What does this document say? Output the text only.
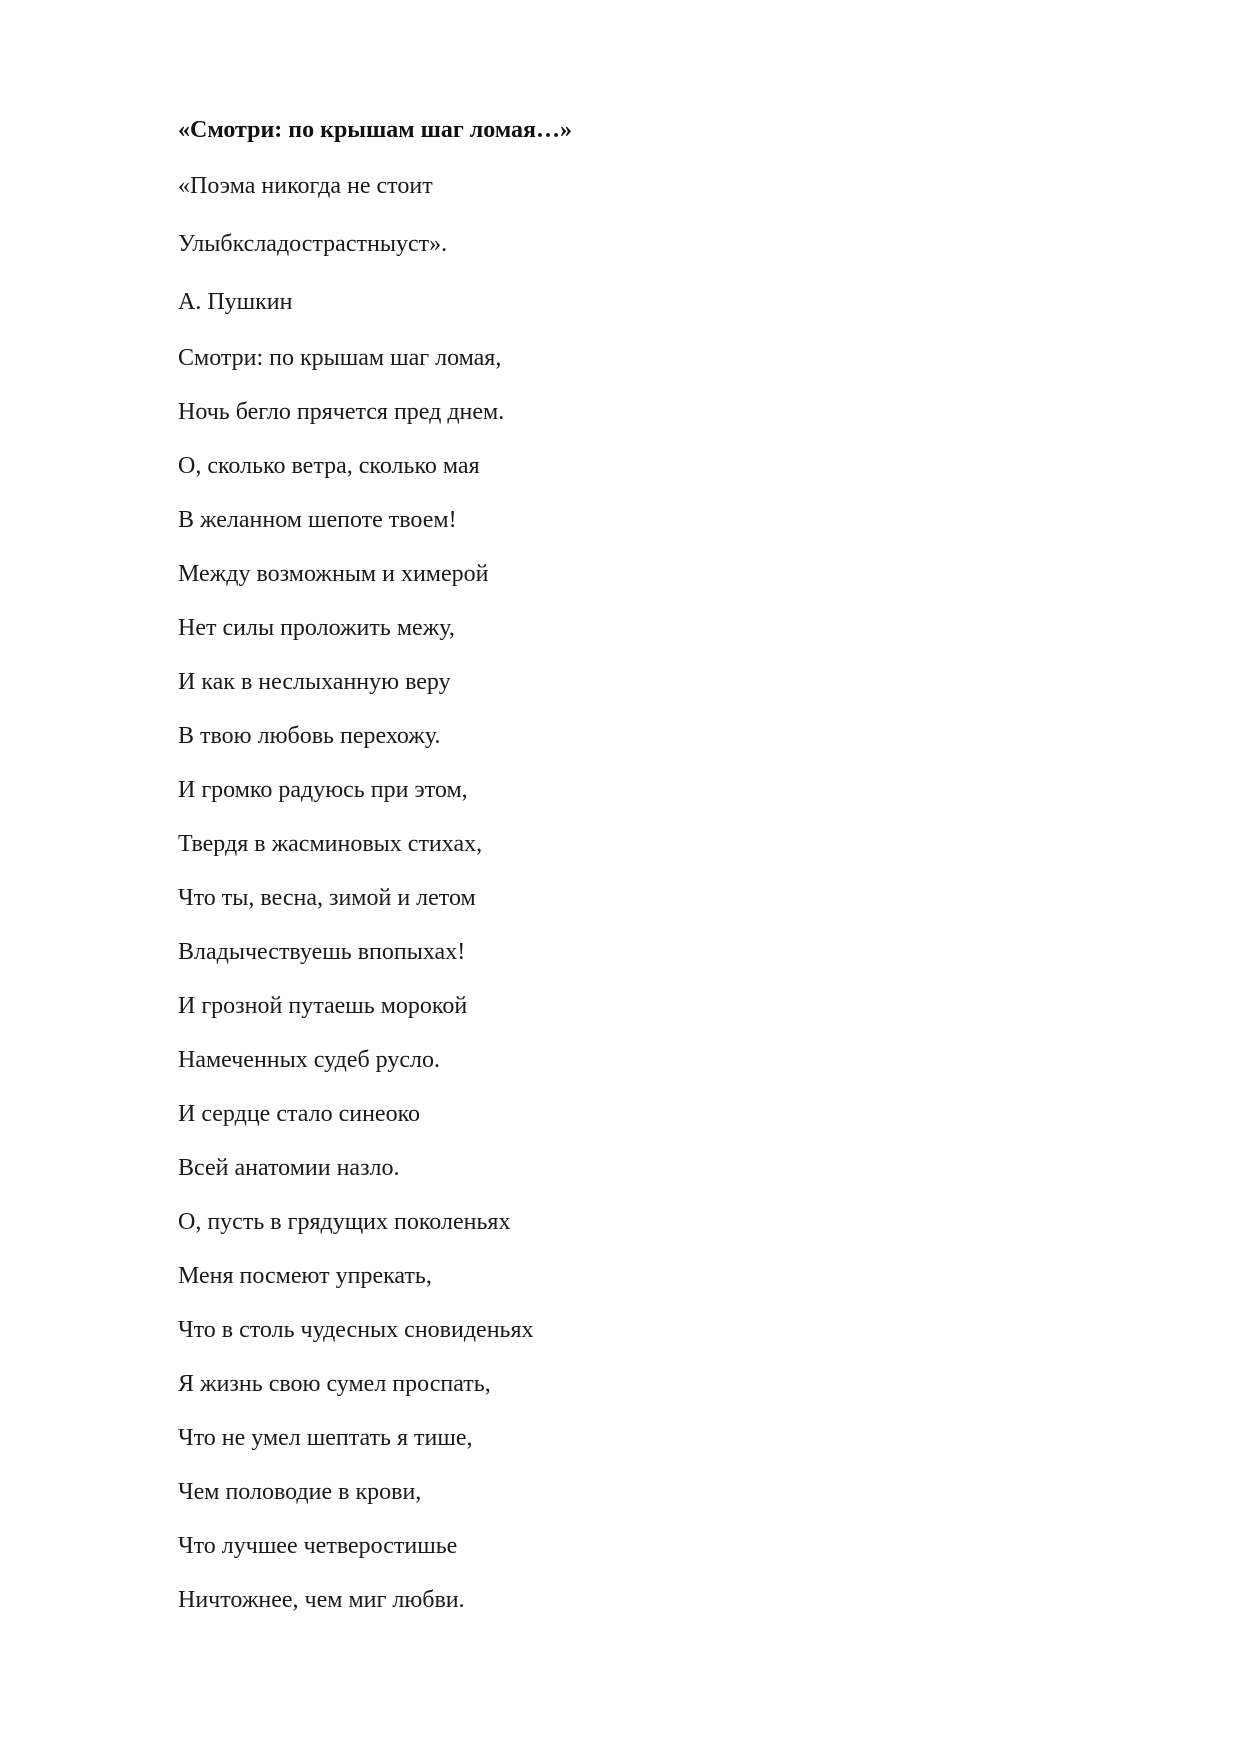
«Смотри: по крышам шаг ломая…»

«Поэма никогда не стоит

Улыбксладострастныуст».

А. Пушкин

Смотри: по крышам шаг ломая,

Ночь бегло прячется пред днем.

О, сколько ветра, сколько мая

В желанном шепоте твоем!

Между возможным и химерой

Нет силы проложить межу,

И как в неслыханную веру

В твою любовь перехожу.

И громко радуюсь при этом,

Твердя в жасминовых стихах,

Что ты, весна, зимой и летом

Владычествуешь впопыхах!

И грозной путаешь морокой

Намеченных судеб русло.

И сердце стало синеоко

Всей анатомии назло.

О, пусть в грядущих поколеньях

Меня посмеют упрекать,

Что в столь чудесных сновиденьях

Я жизнь свою сумел проспать,

Что не умел шептать я тише,

Чем половодие в крови,

Что лучшее четверостишье

Ничтожнее, чем миг любви.
